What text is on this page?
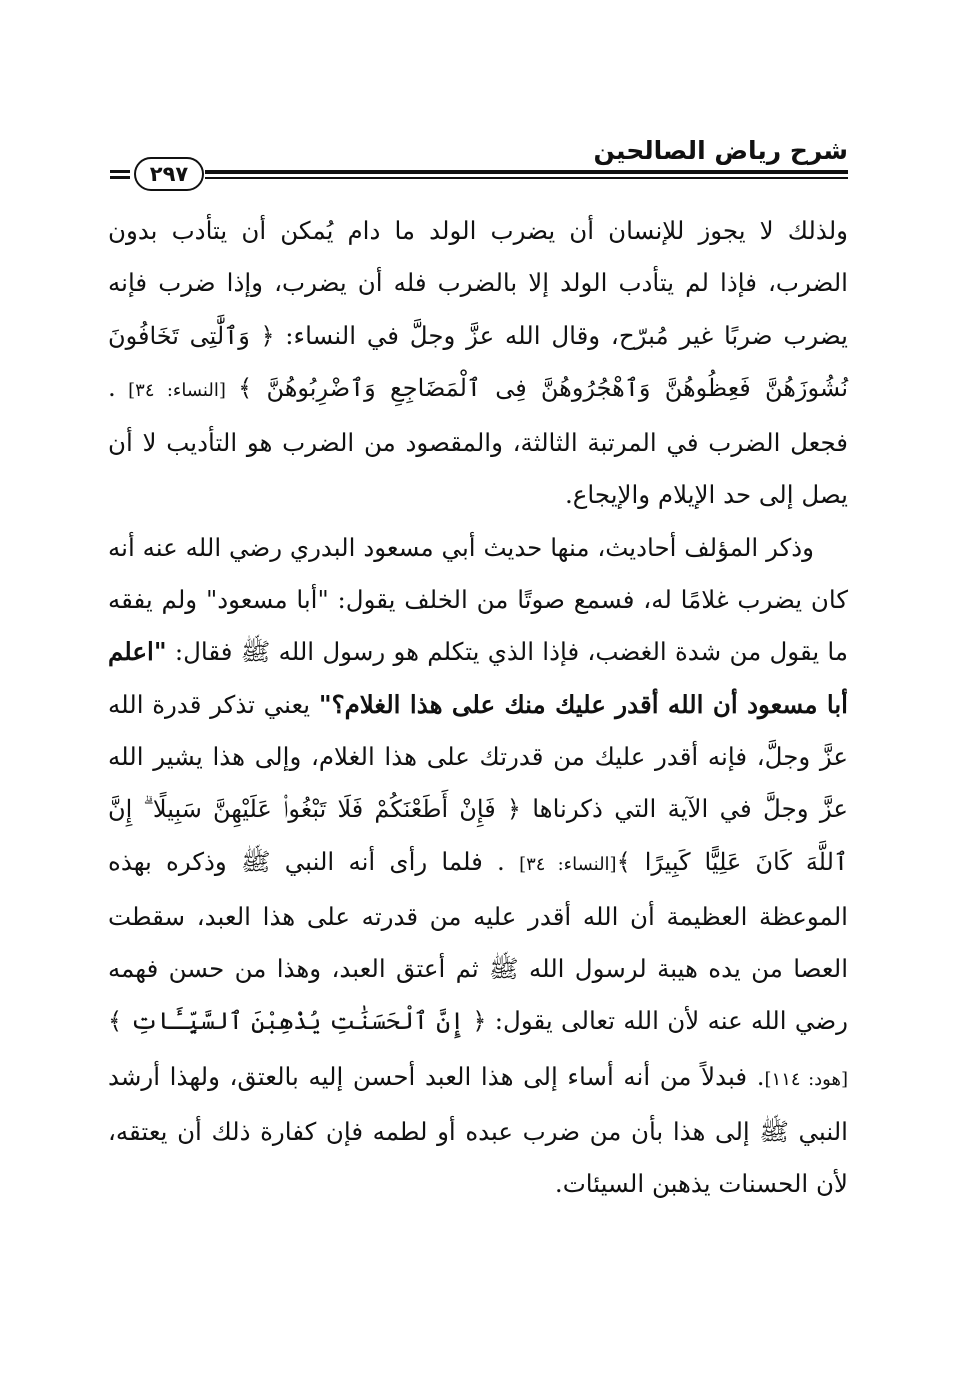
شرح رياض الصالحين
٢٩٧

ولذلك لا يجوز للإنسان أن يضرب الولد ما دام يُمكن أن يتأدب بدون الضرب، فإذا لم يتأدب الولد إلا بالضرب فله أن يضرب، وإذا ضرب فإنه يضرب ضربًا غير مُبرّح، وقال الله عزَّ وجلَّ في النساء: ﴿ وَٱلَّٰتِى تَخَافُونَ نُشُوزَهُنَّ فَعِظُوهُنَّ وَٱهْجُرُوهُنَّ فِى ٱلْمَضَاجِعِ وَٱضْرِبُوهُنَّ ﴾ [النساء: ٣٤] . فجعل الضرب في المرتبة الثالثة، والمقصود من الضرب هو التأديب لا أن يصل إلى حد الإيلام والإيجاع.

وذكر المؤلف أحاديث، منها حديث أبي مسعود البدري رضي الله عنه أنه كان يضرب غلامًا له، فسمع صوتًا من الخلف يقول: "أبا مسعود" ولم يفقه ما يقول من شدة الغضب، فإذا الذي يتكلم هو رسول الله ﷺ فقال: "اعلم أبا مسعود أن الله أقدر عليك منك على هذا الغلام؟" يعني تذكر قدرة الله عزَّ وجلَّ، فإنه أقدر عليك من قدرتك على هذا الغلام، وإلى هذا يشير الله عزَّ وجلَّ في الآية التي ذكرناها ﴿ فَإِنْ أَطَعْنَكُمْ فَلَا تَبْغُوا۟ عَلَيْهِنَّ سَبِيلًا ۗ إِنَّ ٱللَّهَ كَانَ عَلِيًّا كَبِيرًا ﴾[النساء: ٣٤] . فلما رأى أنه النبي ﷺ وذكره بهذه الموعظة العظيمة أن الله أقدر عليه من قدرته على هذا العبد، سقطت العصا من يده هيبة لرسول الله ﷺ ثم أعتق العبد، وهذا من حسن فهمه رضي الله عنه لأن الله تعالى يقول: ﴿ إِنَّ ٱلْحَسَنَٰتِ يُذْهِبْنَ ٱلسَّيِّـَٔاتِ ﴾ [هود: ١١٤]. فبدلاً من أنه أساء إلى هذا العبد أحسن إليه بالعتق، ولهذا أرشد النبي ﷺ إلى هذا بأن من ضرب عبده أو لطمه فإن كفارة ذلك أن يعتقه، لأن الحسنات يذهبن السيئات.
